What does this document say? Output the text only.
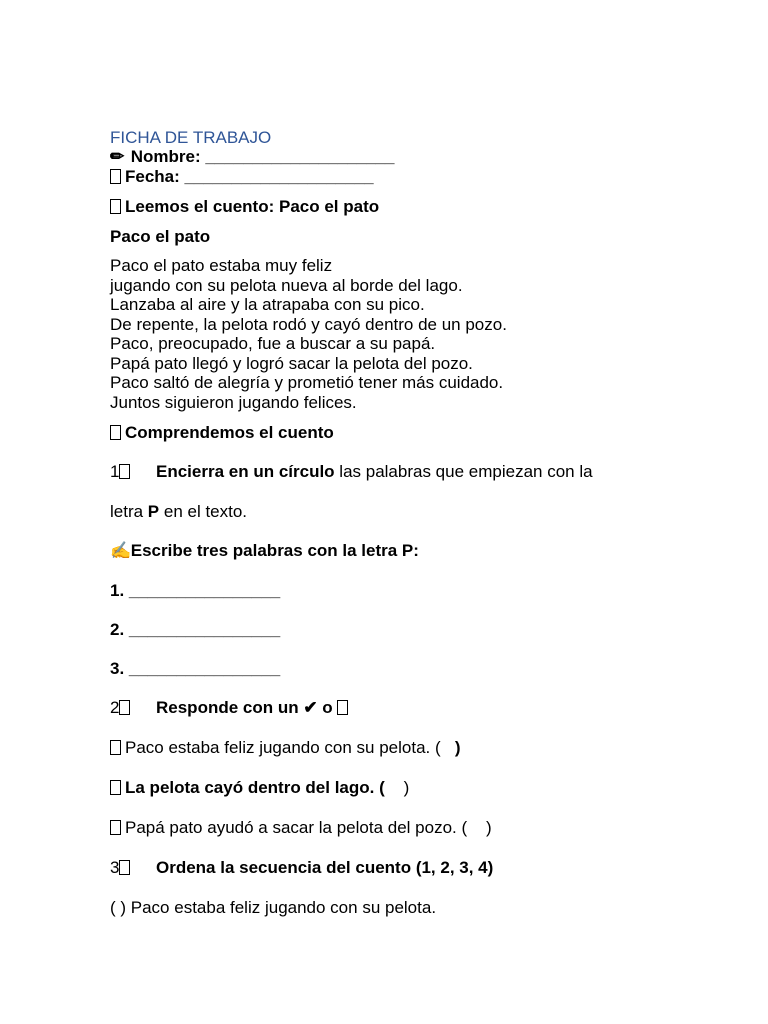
FICHA DE TRABAJO
✏ Nombre: ____________________
Fecha: ____________________
Leemos el cuento: Paco el pato
Paco el pato
Paco el pato estaba muy feliz
jugando con su pelota nueva al borde del lago.
Lanzaba al aire y la atrapaba con su pico.
De repente, la pelota rodó y cayó dentro de un pozo.
Paco, preocupado, fue a buscar a su papá.
Papá pato llegó y logró sacar la pelota del pozo.
Paco saltó de alegría y prometió tener más cuidado.
Juntos siguieron jugando felices.
Comprendemos el cuento
1 Encierra en un círculo las palabras que empiezan con la
letra P en el texto.
✍ Escribe tres palabras con la letra P:
1. ________________
2. ________________
3. ________________
2 Responde con un ✔ o
Paco estaba feliz jugando con su pelota. (   )
La pelota cayó dentro del lago. (    )
Papá pato ayudó a sacar la pelota del pozo. (    )
3 Ordena la secuencia del cuento (1, 2, 3, 4)
( ) Paco estaba feliz jugando con su pelota.
